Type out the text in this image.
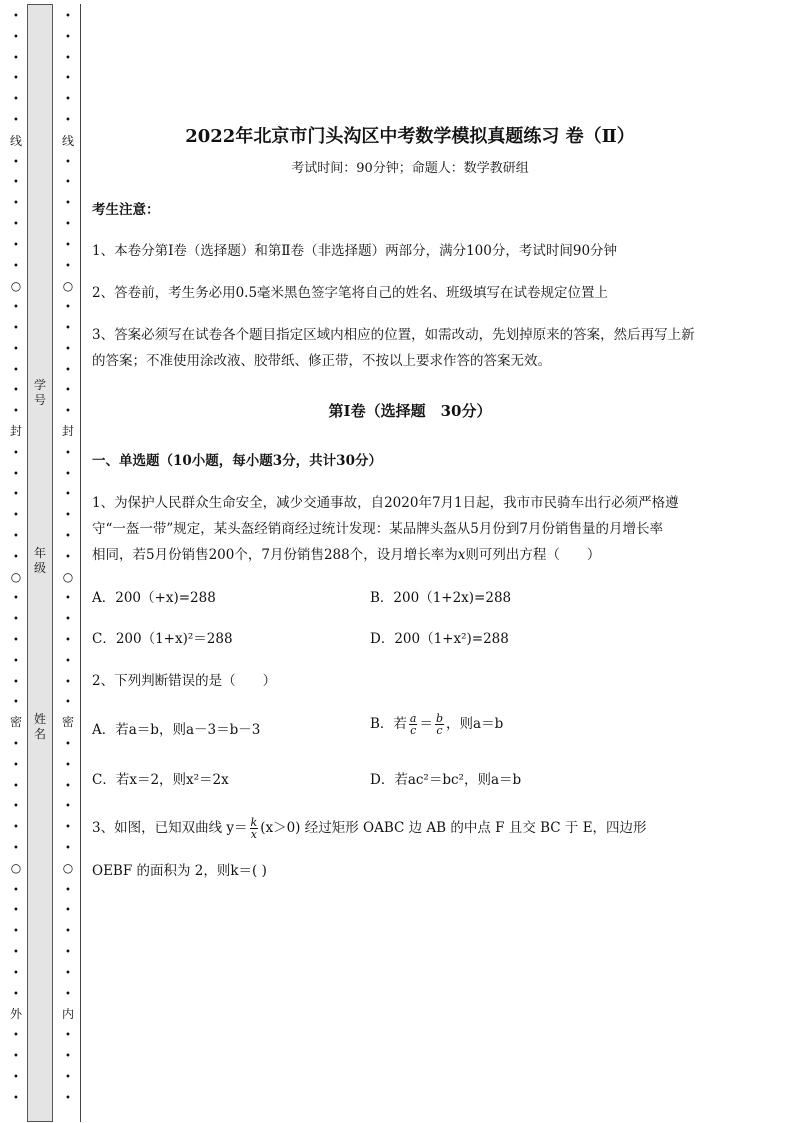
•
•
•
•
•
•
•
•
•
•
•
•
•
•
•
•
•
•
•
•
•
•
•
•
•
•
•
•
•
•
•
•
•
•
•
•
•
•
•
•
•
•
•
•
•
•
•
•
•
•
•
•
•
•
•
•
•
•
•
•
•
•
•
•
•
•
•
•
•
•
•
•
•
•
•
•
•
•
•
•
•
•
•
•
•
•
•
•
•
•
•
•
线
○
封
○
密
○
外
线
○
封
○
密
○
内
学号
年级
姓名
2022年北京市门头沟区中考数学模拟真题练习 卷（Ⅱ）
考试时间：90分钟；命题人：数学教研组
考生注意：
1、本卷分第Ⅰ卷（选择题）和第Ⅱ卷（非选择题）两部分，满分100分，考试时间90分钟
2、答卷前，考生务必用0.5毫米黑色签字笔将自己的姓名、班级填写在试卷规定位置上
3、答案必须写在试卷各个题目指定区域内相应的位置，如需改动，先划掉原来的答案，然后再写上新
的答案；不准使用涂改液、胶带纸、修正带，不按以上要求作答的答案无效。
第Ⅰ卷（选择题　30分）
一、单选题（10小题，每小题3分，共计30分）
1、为保护人民群众生命安全，减少交通事故，自2020年7月1日起，我市市民骑车出行必须严格遵
守“一盔一带”规定，某头盔经销商经过统计发现：某品牌头盔从5月份到7月份销售量的月增长率
相同，若5月份销售200个，7月份销售288个，设月增长率为x则可列出方程（　　）
A．200（+x)=288	B．200（1+2x)=288
C．200（1+x)²＝288	D．200（1+x²)=288
2、下列判断错误的是（　　）
A．若a＝b，则a－3＝b－3	B．若 $\frac{a}{c} = \frac{b}{c}$ ，则a＝b
C．若x＝2，则x²＝2x	D．若ac²＝bc²，则a＝b
3、如图，已知双曲线 $y= \frac{k}{x} (x>0)$ 经过矩形 OABC 边 AB 的中点 F 且交 BC 于 E，四边形
OEBF 的面积为 2，则k＝( )
